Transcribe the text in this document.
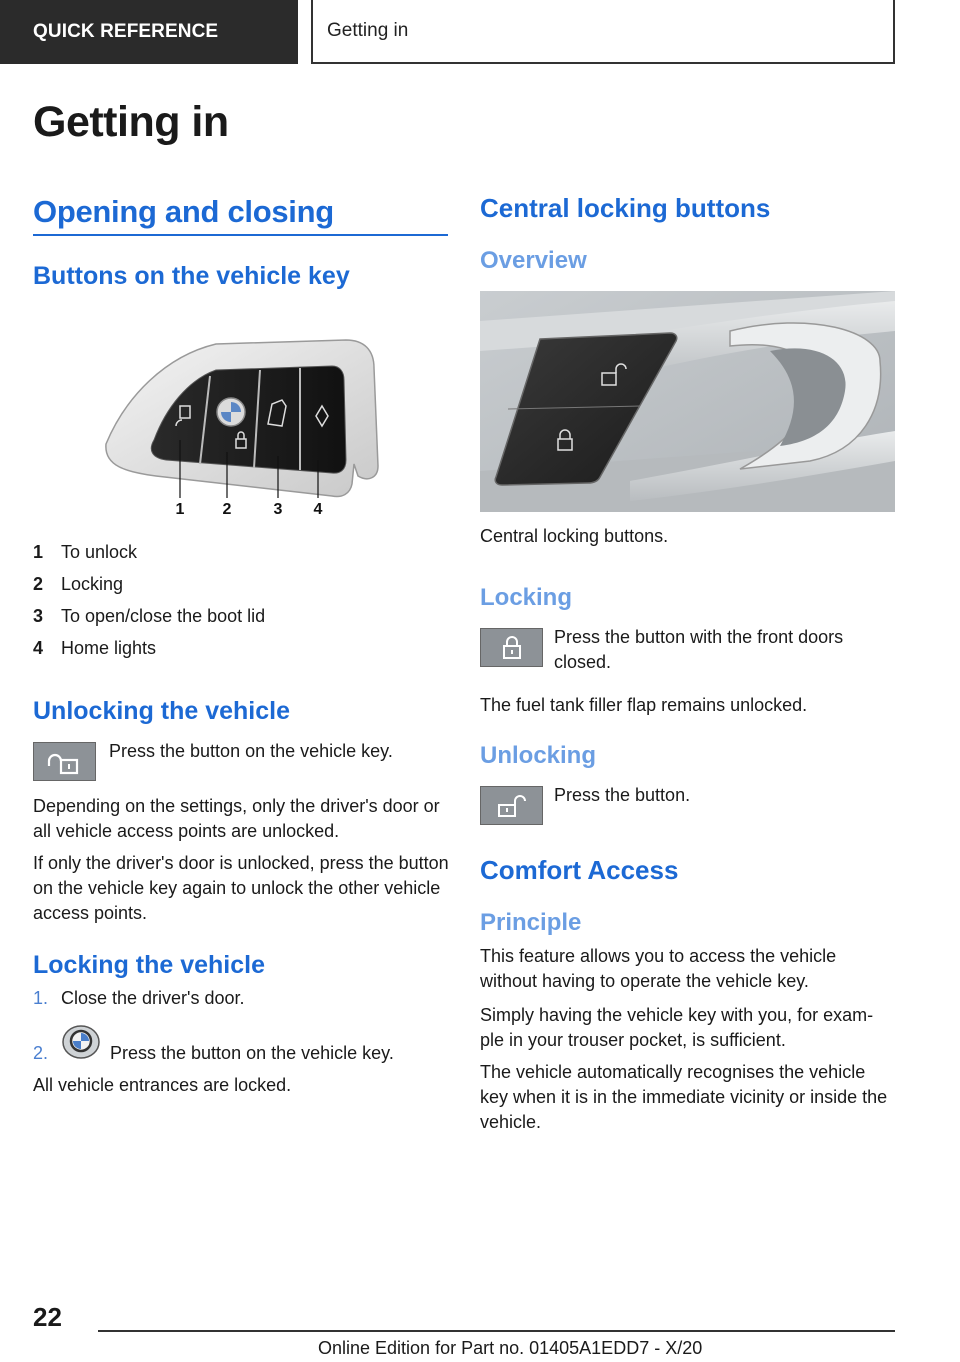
QUICK REFERENCE	Getting in
Getting in
Opening and closing
Buttons on the vehicle key
1 2	3 4
1 To unlock
2 Locking
3 To open/close the boot lid
4 Home lights
Unlocking the vehicle

Press the button on the vehicle key.

Depending on the settings, only the driver's door or all vehicle access points are unlocked.

If only the driver's door is unlocked, press the button on the vehicle key again to unlock the other vehicle access points.

Locking the vehicle
1. Close the driver's door.

2.	Press the button on the vehicle key.

All vehicle entrances are locked.

Central locking buttons
Overview

Central locking buttons.

Locking

Press the button with the front doors closed.

The fuel tank filler flap remains unlocked.

Unlocking

Press the button.

Comfort Access
Principle

This feature allows you to access the vehicle without having to operate the vehicle key.

Simply having the vehicle key with you, for exam‐ple in your trouser pocket, is sufficient.

The vehicle automatically recognises the vehicle key when it is in the immediate vicinity or inside the vehicle.

22
Online Edition for Part no. 01405A1EDD7 - X/20
